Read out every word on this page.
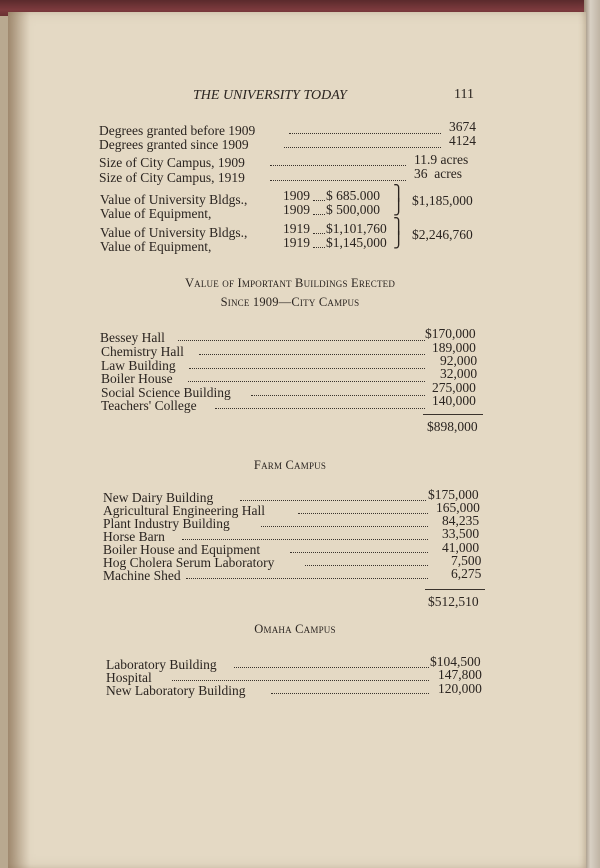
THE UNIVERSITY TODAY	111
Degrees granted before 1909	3674
Degrees granted since 1909	4124
Size of City Campus, 1909	11.9 acres
Size of City Campus, 1919	36  acres
Value of University Bldgs.,	1909 $ 685.000
Value of Equipment,	1909 $ 500,000
⎫
⎭ $1,185,000
Value of University Bldgs.,	1919 $1,101,760
Value of Equipment,	1919 $1,145,000
⎫
⎭ $2,246,760
Value of Important Buildings Erected
Since 1909—City Campus
Bessey Hall	$170,000
Chemistry Hall	189,000
Law Building	92,000
Boiler House	32,000
Social Science Building	275,000
Teachers' College	140,000
$898,000
Farm Campus
New Dairy Building	$175,000
Agricultural Engineering Hall	165,000
Plant Industry Building	84,235
Horse Barn	33,500
Boiler House and Equipment	41,000
Hog Cholera Serum Laboratory	7,500
Machine Shed	6,275
$512,510
Omaha Campus
Laboratory Building	$104,500
Hospital	147,800
New Laboratory Building	120,000
